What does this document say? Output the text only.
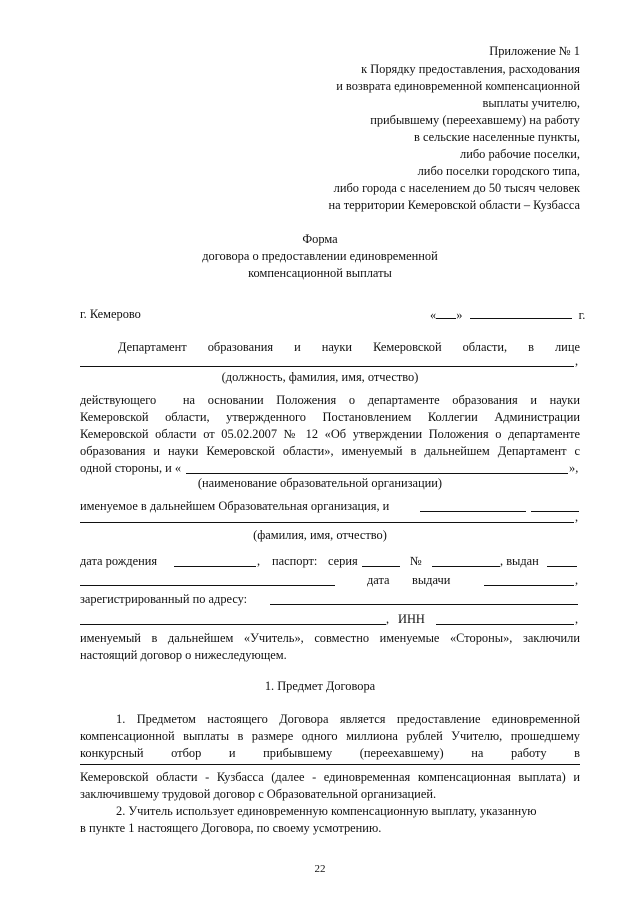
Приложение № 1
к Порядку предоставления, расходования
и возврата единовременной компенсационной
выплаты учителю,
прибывшему (переехавшему) на работу
в сельские населенные пункты,
либо рабочие поселки,
либо поселки городского типа,
либо города с населением до 50 тысяч человек
на территории Кемеровской области – Кузбасса
Форма
договора о предоставлении единовременной
компенсационной выплаты
г. Кемерово	« »	г.
Департамент образования и науки Кемеровской области, в лице
,
(должность, фамилия, имя, отчество)
действующего на основании Положения о департаменте образования и науки
Кемеровской области, утвержденного Постановлением Коллегии Администрации
Кемеровской области от 05.02.2007 № 12 «Об утверждении Положения о департаменте
образования и науки Кемеровской области», именуемый в дальнейшем Департамент с
одной стороны, и «	»,
(наименование образовательной организации)
именуемое в дальнейшем Образовательная организация, и
,
(фамилия, имя, отчество)
дата рождения	, паспорт: серия	№	, выдан
дата выдачи	,
зарегистрированный по адресу:
, ИНН	,
именуемый в дальнейшем «Учитель», совместно именуемые «Стороны», заключили
настоящий договор о нижеследующем.
1. Предмет Договора
1. Предметом настоящего Договора является предоставление единовременной
компенсационной выплаты в размере одного миллиона рублей Учителю, прошедшему
конкурсный отбор и прибывшему (переехавшему) на работу в
Кемеровской области - Кузбасса (далее - единовременная компенсационная выплата) и
заключившему трудовой договор с Образовательной организацией.
2. Учитель использует единовременную компенсационную выплату, указанную
в пункте 1 настоящего Договора, по своему усмотрению.
22
